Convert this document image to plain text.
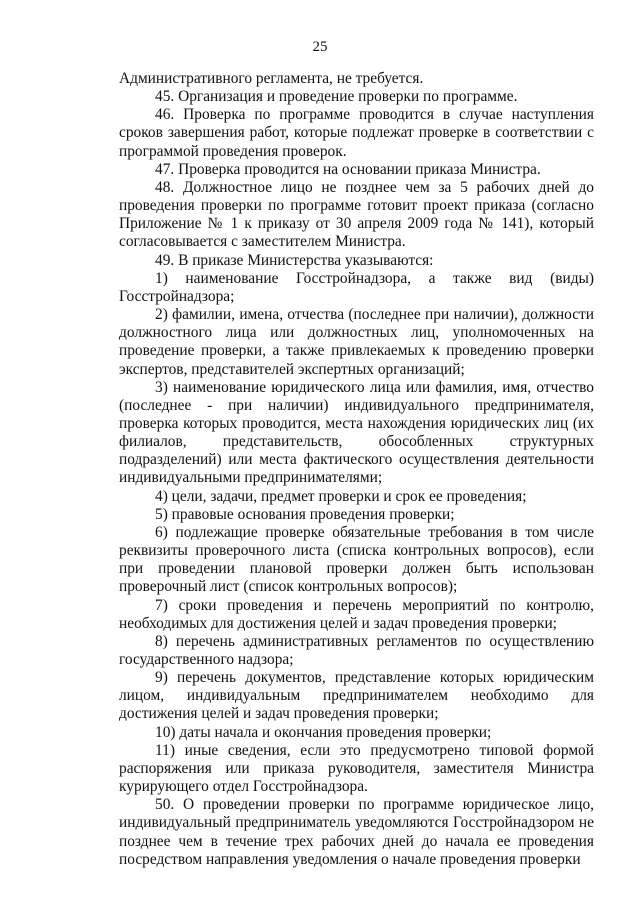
25

Административного регламента, не требуется.

45. Организация и проведение проверки по программе.

46. Проверка по программе проводится в случае наступления сроков завершения работ, которые подлежат проверке в соответствии с программой проведения проверок.

47. Проверка проводится на основании приказа Министра.

48. Должностное лицо не позднее чем за 5 рабочих дней до проведения проверки по программе готовит проект приказа (согласно Приложение № 1 к приказу от 30 апреля 2009 года № 141), который согласовывается с заместителем Министра.

49. В приказе Министерства указываются:

1) наименование Госстройнадзора, а также вид (виды) Госстройнадзора;

2) фамилии, имена, отчества (последнее при наличии), должности должностного лица или должностных лиц, уполномоченных на проведение проверки, а также привлекаемых к проведению проверки экспертов, представителей экспертных организаций;

3) наименование юридического лица или фамилия, имя, отчество (последнее - при наличии) индивидуального предпринимателя, проверка которых проводится, места нахождения юридических лиц (их филиалов, представительств, обособленных структурных подразделений) или места фактического осуществления деятельности индивидуальными предпринимателями;

4) цели, задачи, предмет проверки и срок ее проведения;

5) правовые основания проведения проверки;

6) подлежащие проверке обязательные требования в том числе реквизиты проверочного листа (списка контрольных вопросов), если при проведении плановой проверки должен быть использован проверочный лист (список контрольных вопросов);

7) сроки проведения и перечень мероприятий по контролю, необходимых для достижения целей и задач проведения проверки;

8) перечень административных регламентов по осуществлению государственного надзора;

9) перечень документов, представление которых юридическим лицом, индивидуальным предпринимателем необходимо для достижения целей и задач проведения проверки;

10) даты начала и окончания проведения проверки;

11) иные сведения, если это предусмотрено типовой формой распоряжения или приказа руководителя, заместителя Министра курирующего отдел Госстройнадзора.

50. О проведении проверки по программе юридическое лицо, индивидуальный предприниматель уведомляются Госстройнадзором не позднее чем в течение трех рабочих дней до начала ее проведения посредством направления уведомления о начале проведения проверки
